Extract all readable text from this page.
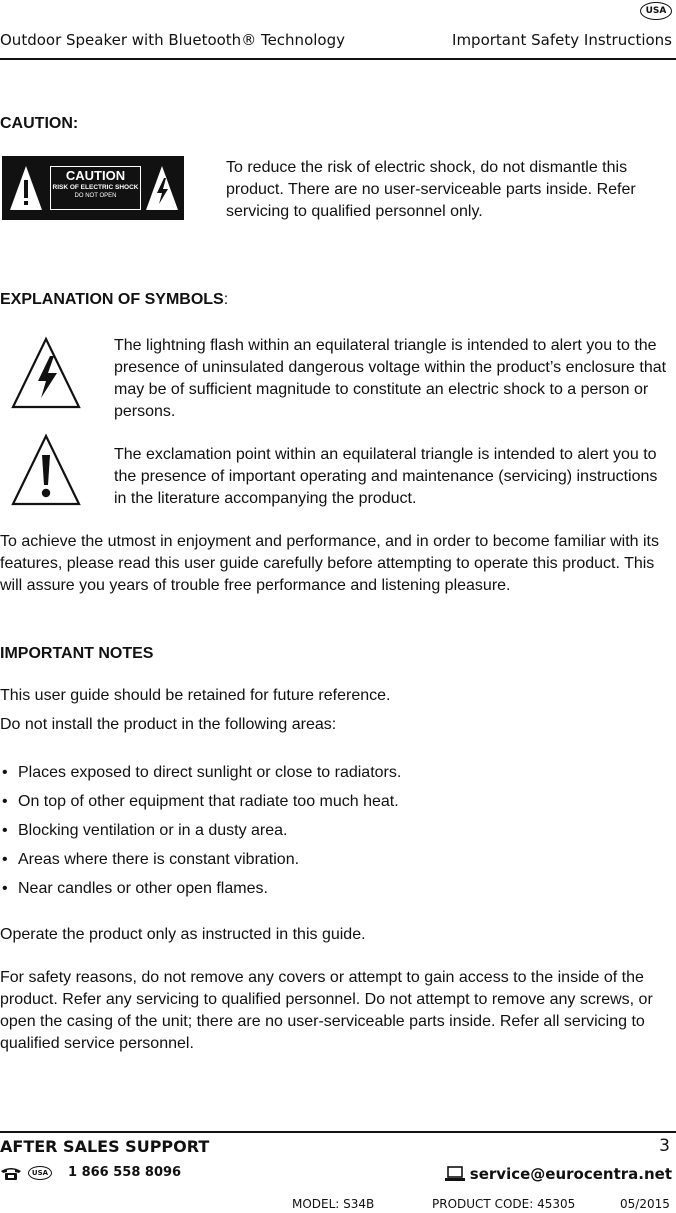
USA
Outdoor Speaker with Bluetooth® Technology	Important Safety Instructions
CAUTION:
CAUTION
RISK OF ELECTRIC SHOCK
DO NOT OPEN
To reduce the risk of electric shock, do not dismantle this product. There are no user-serviceable parts inside. Refer servicing to qualified personnel only.
EXPLANATION OF SYMBOLS:
The lightning flash within an equilateral triangle is intended to alert you to the presence of uninsulated dangerous voltage within the product’s enclosure that may be of sufficient magnitude to constitute an electric shock to a person or persons.
The exclamation point within an equilateral triangle is intended to alert you to the presence of important operating and maintenance (servicing) instructions in the literature accompanying the product.
To achieve the utmost in enjoyment and performance, and in order to become familiar with its features, please read this user guide carefully before attempting to operate this product. This will assure you years of trouble free performance and listening pleasure.
IMPORTANT NOTES
This user guide should be retained for future reference.
Do not install the product in the following areas:
• Places exposed to direct sunlight or close to radiators.
• On top of other equipment that radiate too much heat.
• Blocking ventilation or in a dusty area.
• Areas where there is constant vibration.
• Near candles or other open flames.
Operate the product only as instructed in this guide.
For safety reasons, do not remove any covers or attempt to gain access to the inside of the product. Refer any servicing to qualified personnel. Do not attempt to remove any screws, or open the casing of the unit; there are no user-serviceable parts inside. Refer all servicing to qualified service personnel.
AFTER SALES SUPPORT	3
USA	1 866 558 8096	service@eurocentra.net
MODEL: S34B	PRODUCT CODE: 45305	05/2015
